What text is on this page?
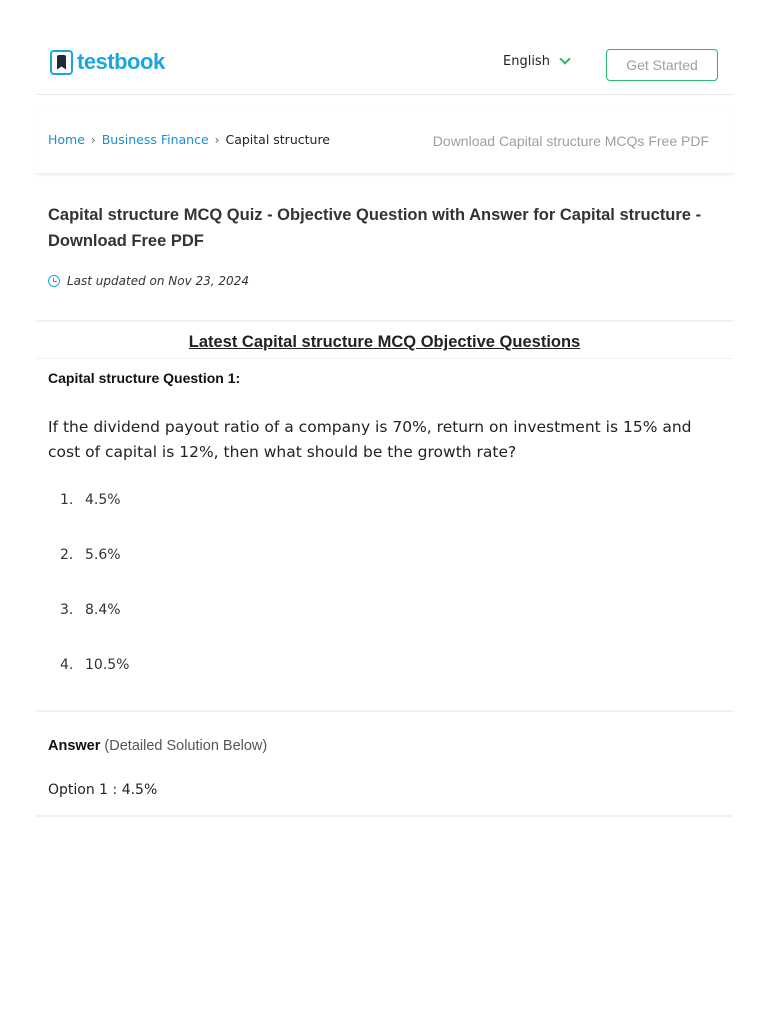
testbook	English	Get Started
Home › Business Finance › Capital structure	Download Capital structure MCQs Free PDF
Capital structure MCQ Quiz - Objective Question with Answer for Capital structure - Download Free PDF
Last updated on Nov 23, 2024
Latest Capital structure MCQ Objective Questions
Capital structure Question 1:
If the dividend payout ratio of a company is 70%, return on investment is 15% and cost of capital is 12%, then what should be the growth rate?
1. 4.5%
2. 5.6%
3. 8.4%
4. 10.5%
Answer (Detailed Solution Below)
Option 1 : 4.5%
